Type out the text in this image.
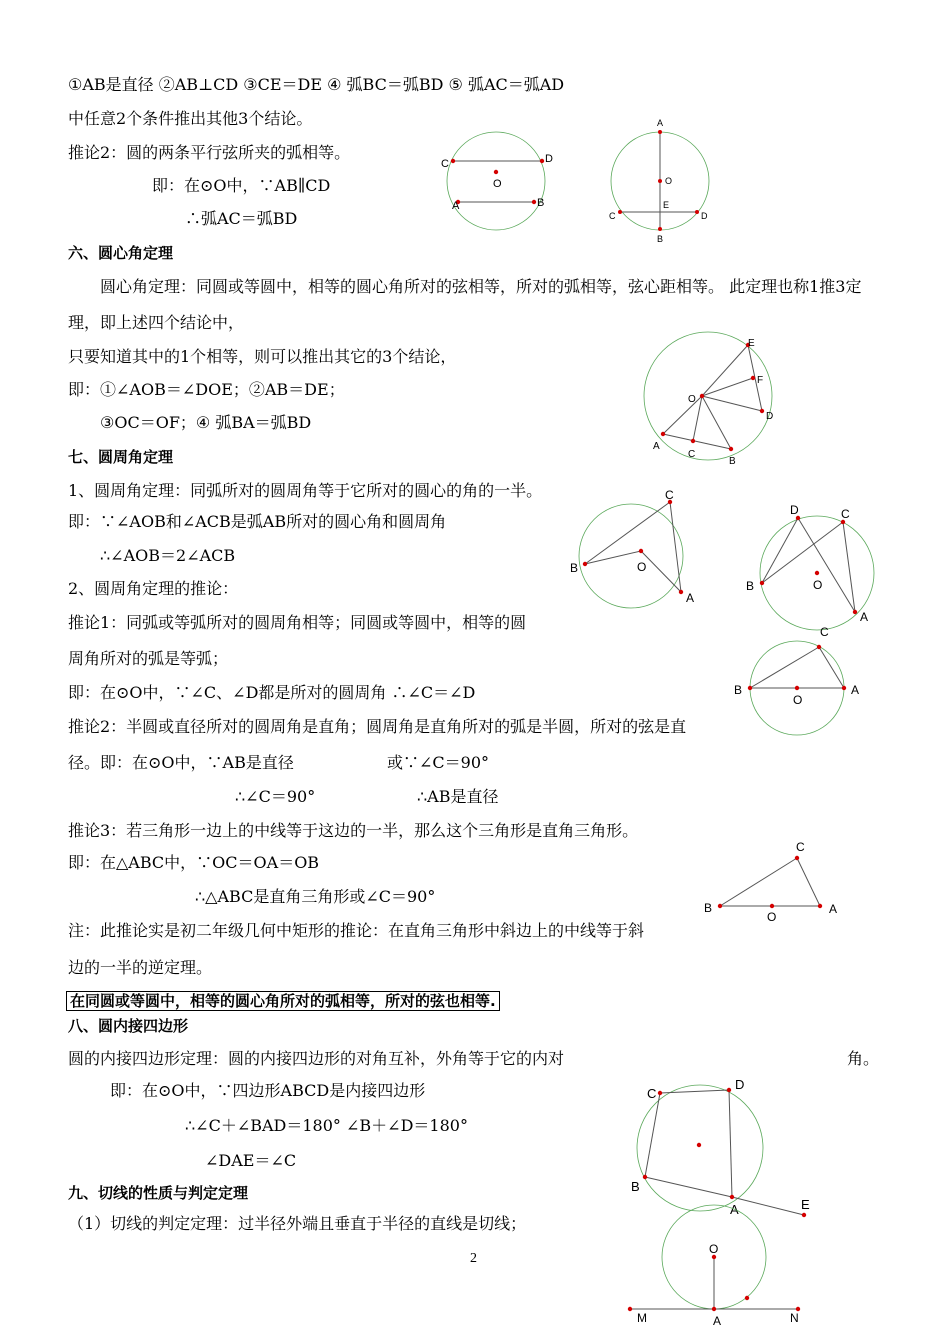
①AB是直径 ②AB⊥CD ③CE＝DE ④ 弧BC＝弧BD ⑤ 弧AC＝弧AD
中任意2个条件推出其他3个结论。
推论2：圆的两条平行弦所夹的弧相等。
即：在⊙O中，∵AB∥CD
∴弧AC＝弧BD
六、圆心角定理
圆心角定理：同圆或等圆中，相等的圆心角所对的弦相等，所对的弧相等，弦心距相等。 此定理也称1推3定
理，即上述四个结论中，
只要知道其中的1个相等，则可以推出其它的3个结论，
即：①∠AOB＝∠DOE；②AB＝DE；
③OC＝OF；④ 弧BA＝弧BD
七、圆周角定理
1、圆周角定理：同弧所对的圆周角等于它所对的圆心的角的一半。
即：∵∠AOB和∠ACB是弧AB所对的圆心角和圆周角
∴∠AOB＝2∠ACB
2、圆周角定理的推论：
推论1：同弧或等弧所对的圆周角相等；同圆或等圆中，相等的圆
周角所对的弧是等弧；
即：在⊙O中，∵∠C、∠D都是所对的圆周角 ∴∠C＝∠D
推论2：半圆或直径所对的圆周角是直角；圆周角是直角所对的弧是半圆，所对的弦是直
径。即：在⊙O中，∵AB是直径	或∵∠C＝90°
∴∠C＝90°	∴AB是直径
推论3：若三角形一边上的中线等于这边的一半，那么这个三角形是直角三角形。
即：在△ABC中，∵OC＝OA＝OB
∴△ABC是直角三角形或∠C＝90°
注：此推论实是初二年级几何中矩形的推论：在直角三角形中斜边上的中线等于斜
边的一半的逆定理。
在同圆或等圆中，相等的圆心角所对的弧相等，所对的弦也相等.
八、圆内接四边形
圆的内接四边形定理：圆的内接四边形的对角互补，外角等于它的内对	角。
即：在⊙O中，∵四边形ABCD是内接四边形
∴∠C＋∠BAD＝180° ∠B＋∠D＝180°
∠DAE＝∠C
九、切线的性质与判定定理
（1）切线的判定定理：过半径外端且垂直于半径的直线是切线；
2
C	D
O
A	B
A
O
E
C	D
B
E
F
O
D
A
C
B
C
B	O
A
D	C
B	O
A
C
B
O
A
C
B
O
A
C
D
B
A	E
O
M	A	N
